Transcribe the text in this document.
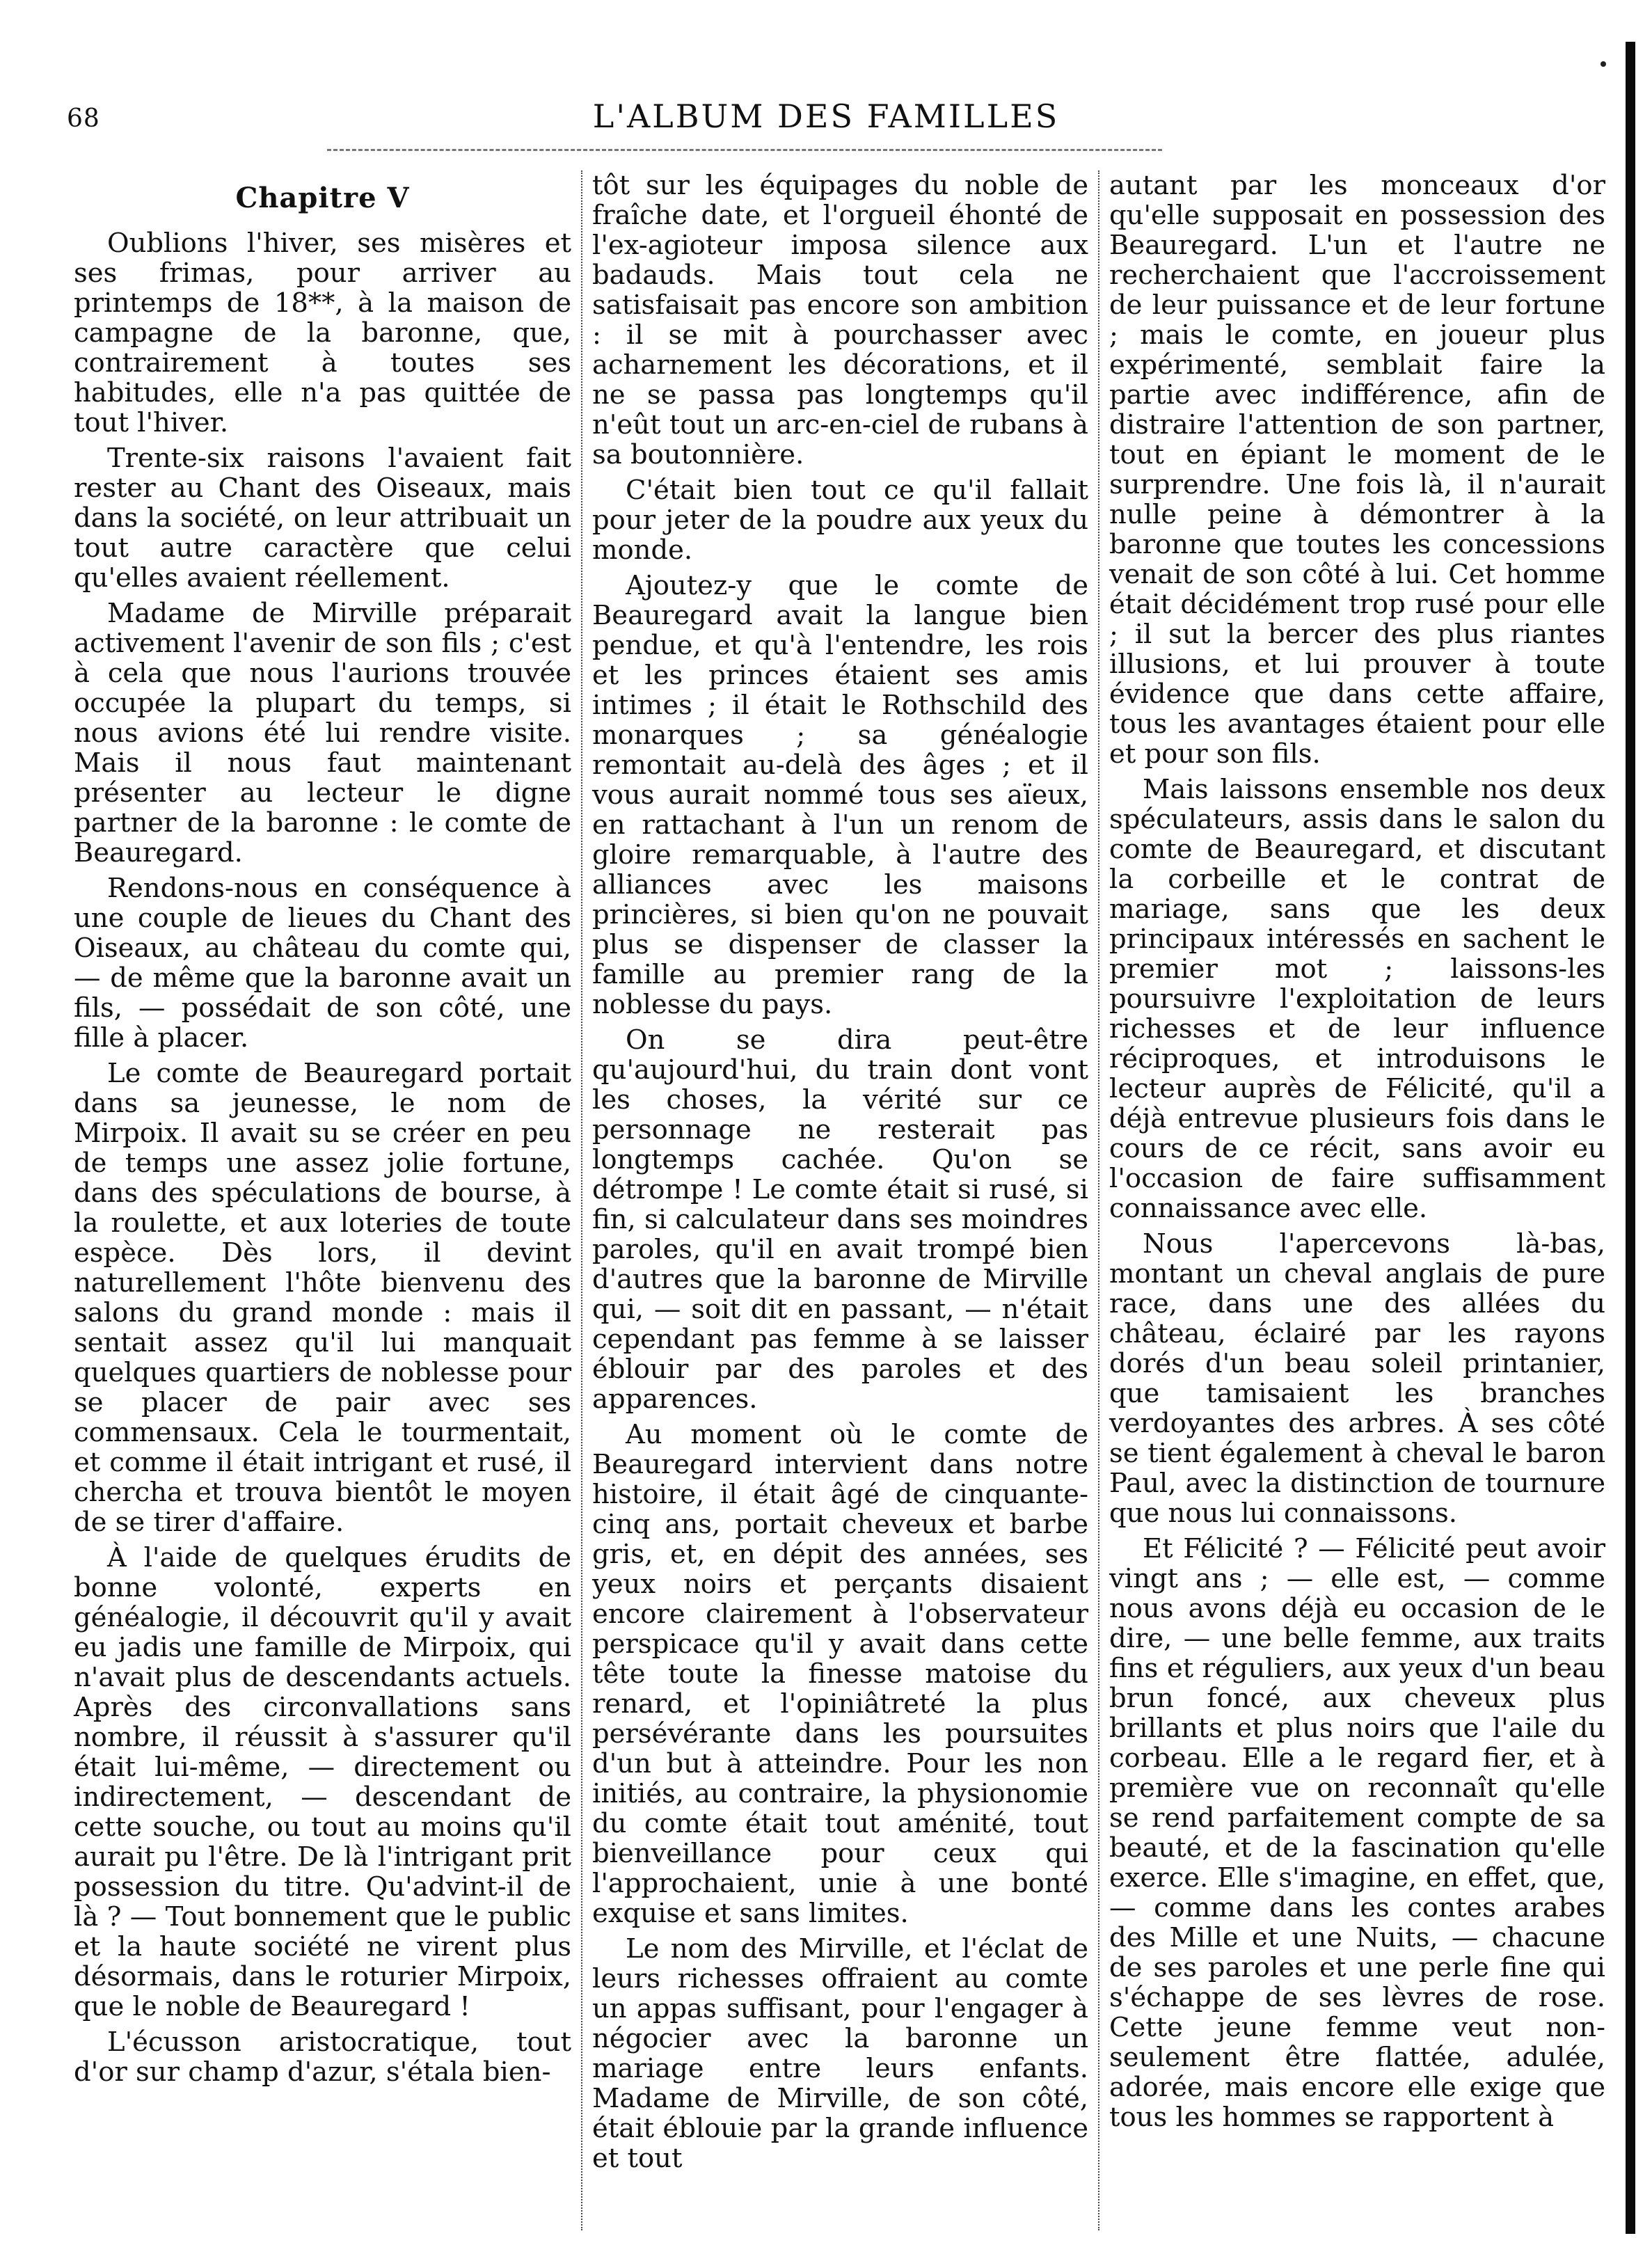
68	L'ALBUM DES FAMILLES
Chapitre V

Oublions l'hiver, ses misères et ses frimas, pour arriver au printemps de 18**, à la maison de campagne de la baronne, que, contrairement à toutes ses habitudes, elle n'a pas quittée de tout l'hiver.

Trente-six raisons l'avaient fait rester au Chant des Oiseaux, mais dans la société, on leur attribuait un tout autre caractère que celui qu'elles avaient réellement.

Madame de Mirville préparait activement l'avenir de son fils ; c'est à cela que nous l'aurions trouvée occupée la plupart du temps, si nous avions été lui rendre visite. Mais il nous faut maintenant présenter au lecteur le digne partner de la baronne : le comte de Beauregard.

Rendons-nous en conséquence à une couple de lieues du Chant des Oiseaux, au château du comte qui, — de même que la baronne avait un fils, — possédait de son côté, une fille à placer.

Le comte de Beauregard portait dans sa jeunesse, le nom de Mirpoix. Il avait su se créer en peu de temps une assez jolie fortune, dans des spéculations de bourse, à la roulette, et aux loteries de toute espèce. Dès lors, il devint naturellement l'hôte bienvenu des salons du grand monde : mais il sentait assez qu'il lui manquait quelques quartiers de noblesse pour se placer de pair avec ses commensaux. Cela le tourmentait, et comme il était intrigant et rusé, il chercha et trouva bientôt le moyen de se tirer d'affaire.

À l'aide de quelques érudits de bonne volonté, experts en généalogie, il découvrit qu'il y avait eu jadis une famille de Mirpoix, qui n'avait plus de descendants actuels. Après des circonvallations sans nombre, il réussit à s'assurer qu'il était lui-même, — directement ou indirectement, — descendant de cette souche, ou tout au moins qu'il aurait pu l'être. De là l'intrigant prit possession du titre. Qu'advint-il de là ? — Tout bonnement que le public et la haute société ne virent plus désormais, dans le roturier Mirpoix, que le noble de Beauregard !

L'écusson aristocratique, tout d'or sur champ d'azur, s'étala bien-

tôt sur les équipages du noble de fraîche date, et l'orgueil éhonté de l'ex-agioteur imposa silence aux badauds. Mais tout cela ne satisfaisait pas encore son ambition : il se mit à pourchasser avec acharnement les décorations, et il ne se passa pas longtemps qu'il n'eût tout un arc-en-ciel de rubans à sa boutonnière.

C'était bien tout ce qu'il fallait pour jeter de la poudre aux yeux du monde.

Ajoutez-y que le comte de Beauregard avait la langue bien pendue, et qu'à l'entendre, les rois et les princes étaient ses amis intimes ; il était le Rothschild des monarques ; sa généalogie remontait au-delà des âges ; et il vous aurait nommé tous ses aïeux, en rattachant à l'un un renom de gloire remarquable, à l'autre des alliances avec les maisons princières, si bien qu'on ne pouvait plus se dispenser de classer la famille au premier rang de la noblesse du pays.

On se dira peut-être qu'aujourd'hui, du train dont vont les choses, la vérité sur ce personnage ne resterait pas longtemps cachée. Qu'on se détrompe ! Le comte était si rusé, si fin, si calculateur dans ses moindres paroles, qu'il en avait trompé bien d'autres que la baronne de Mirville qui, — soit dit en passant, — n'était cependant pas femme à se laisser éblouir par des paroles et des apparences.

Au moment où le comte de Beauregard intervient dans notre histoire, il était âgé de cinquante-cinq ans, portait cheveux et barbe gris, et, en dépit des années, ses yeux noirs et perçants disaient encore clairement à l'observateur perspicace qu'il y avait dans cette tête toute la finesse matoise du renard, et l'opiniâtreté la plus persévérante dans les poursuites d'un but à atteindre. Pour les non initiés, au contraire, la physionomie du comte était tout aménité, tout bienveillance pour ceux qui l'approchaient, unie à une bonté exquise et sans limites.

Le nom des Mirville, et l'éclat de leurs richesses offraient au comte un appas suffisant, pour l'engager à négocier avec la baronne un mariage entre leurs enfants. Madame de Mirville, de son côté, était éblouie par la grande influence et tout

autant par les monceaux d'or qu'elle supposait en possession des Beauregard. L'un et l'autre ne recherchaient que l'accroissement de leur puissance et de leur fortune ; mais le comte, en joueur plus expérimenté, semblait faire la partie avec indifférence, afin de distraire l'attention de son partner, tout en épiant le moment de le surprendre. Une fois là, il n'aurait nulle peine à démontrer à la baronne que toutes les concessions venait de son côté à lui. Cet homme était décidément trop rusé pour elle ; il sut la bercer des plus riantes illusions, et lui prouver à toute évidence que dans cette affaire, tous les avantages étaient pour elle et pour son fils.

Mais laissons ensemble nos deux spéculateurs, assis dans le salon du comte de Beauregard, et discutant la corbeille et le contrat de mariage, sans que les deux principaux intéressés en sachent le premier mot ; laissons-les poursuivre l'exploitation de leurs richesses et de leur influence réciproques, et introduisons le lecteur auprès de Félicité, qu'il a déjà entrevue plusieurs fois dans le cours de ce récit, sans avoir eu l'occasion de faire suffisamment connaissance avec elle.

Nous l'apercevons là-bas, montant un cheval anglais de pure race, dans une des allées du château, éclairé par les rayons dorés d'un beau soleil printanier, que tamisaient les branches verdoyantes des arbres. À ses côté se tient également à cheval le baron Paul, avec la distinction de tournure que nous lui connaissons.

Et Félicité ? — Félicité peut avoir vingt ans ; — elle est, — comme nous avons déjà eu occasion de le dire, — une belle femme, aux traits fins et réguliers, aux yeux d'un beau brun foncé, aux cheveux plus brillants et plus noirs que l'aile du corbeau. Elle a le regard fier, et à première vue on reconnaît qu'elle se rend parfaitement compte de sa beauté, et de la fascination qu'elle exerce. Elle s'imagine, en effet, que, — comme dans les contes arabes des Mille et une Nuits, — chacune de ses paroles et une perle fine qui s'échappe de ses lèvres de rose. Cette jeune femme veut non-seulement être flattée, adulée, adorée, mais encore elle exige que tous les hommes se rapportent à
